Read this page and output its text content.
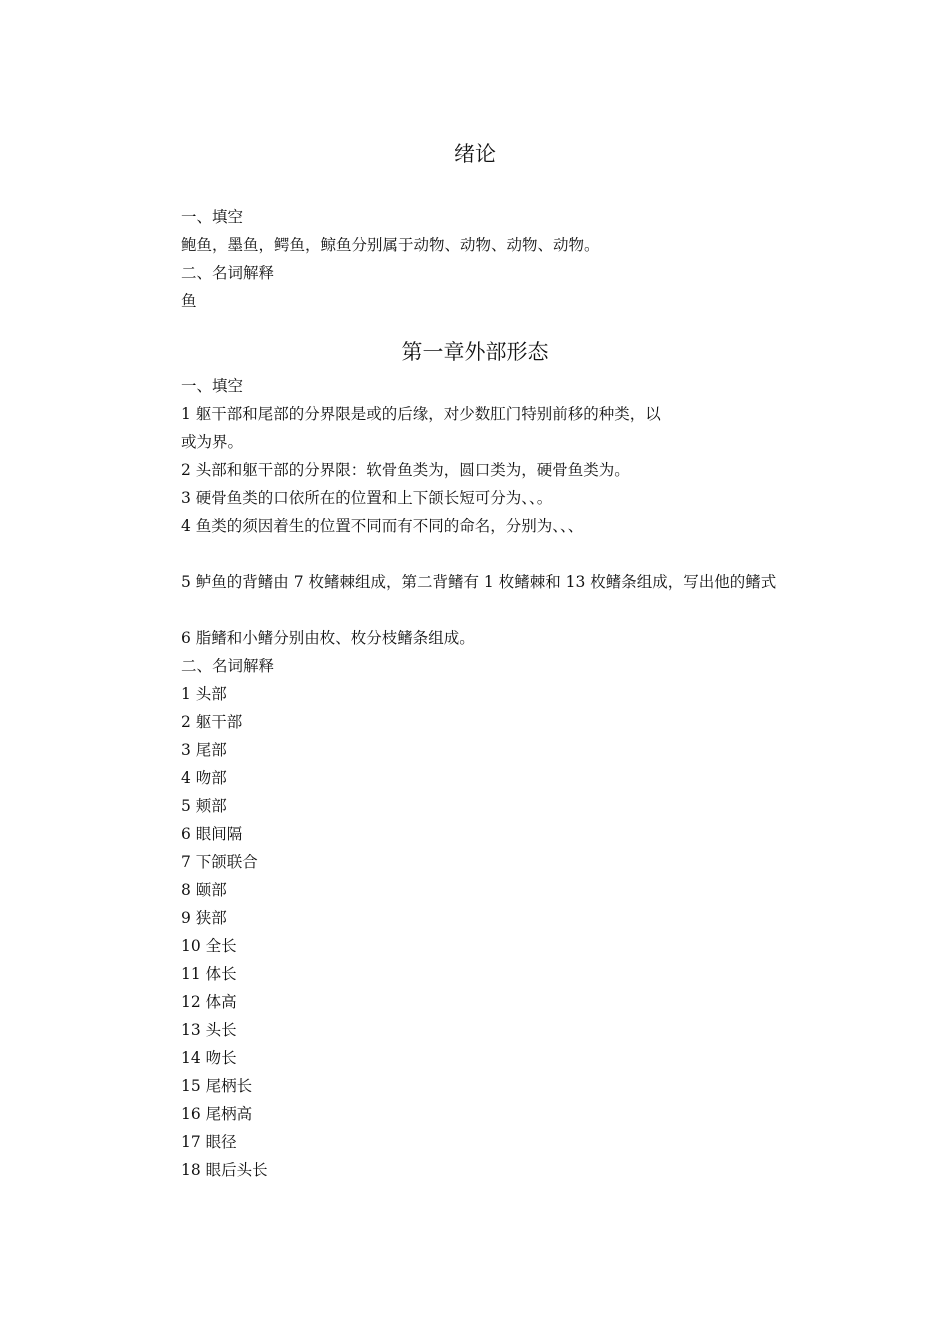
绪论

一、填空

鲍鱼，墨鱼，鳄鱼，鲸鱼分别属于动物、动物、动物、动物。

二、名词解释

鱼

第一章外部形态

一、填空

1 躯干部和尾部的分界限是或的后缘，对少数肛门特别前移的种类，以

或为界。

2 头部和躯干部的分界限：软骨鱼类为，圆口类为，硬骨鱼类为。

3 硬骨鱼类的口依所在的位置和上下颌长短可分为、、。

4 鱼类的须因着生的位置不同而有不同的命名，分别为、、、

5 鲈鱼的背鳍由 7 枚鳍棘组成，第二背鳍有 1 枚鳍棘和 13 枚鳍条组成，写出他的鳍式

6 脂鳍和小鳍分别由枚、枚分枝鳍条组成。

二、名词解释

1 头部

2 躯干部

3 尾部

4 吻部

5 颊部

6 眼间隔

7 下颌联合

8 颐部

9 狭部

10 全长

11 体长

12 体高

13 头长

14 吻长

15 尾柄长

16 尾柄高

17 眼径

18 眼后头长
